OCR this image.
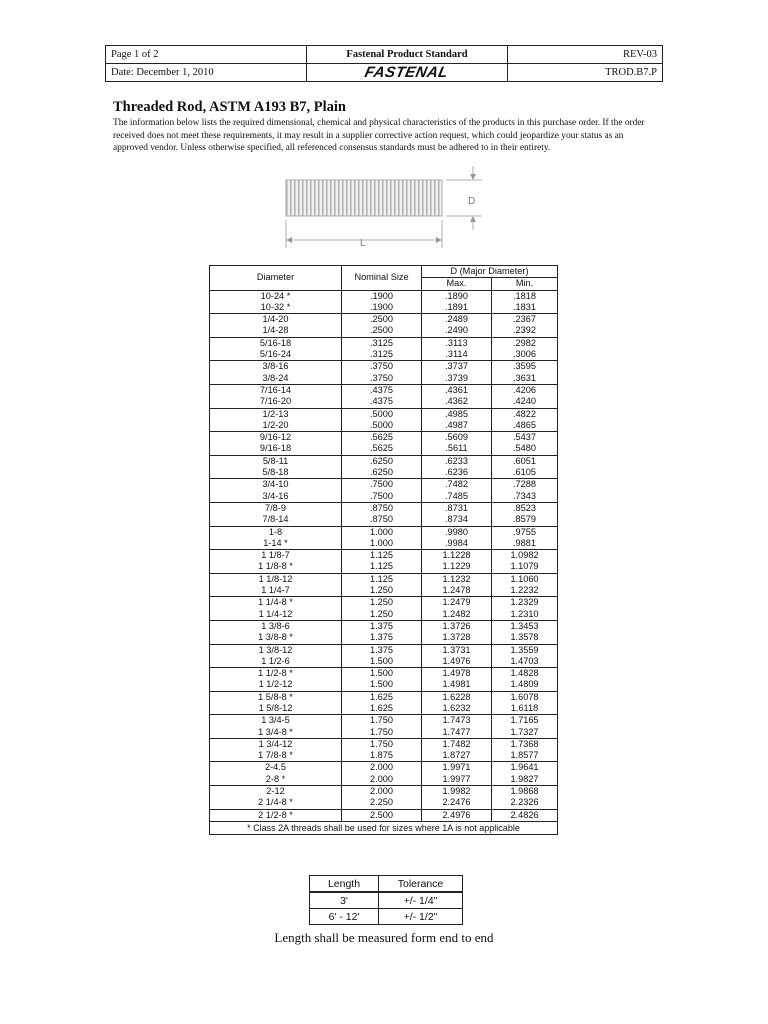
Page 1 of 2	Fastenal Product Standard	REV-03
Date: December 1, 2010	FASTENAL	TROD.B7.P
Threaded Rod, ASTM A193 B7, Plain

The information below lists the required dimensional, chemical and physical characteristics of the products in this purchase order. If the order received does not meet these requirements, it may result in a supplier corrective action request, which could jeopardize your status as an approved vendor. Unless otherwise specified, all referenced consensus standards must be adhered to in their entirety.

D
L
Diameter	Nominal Size	D (Major Diameter)	
		Max.	Min.
10-24 *	.1900	.1890	.1818
10-32 *	.1900	.1891	.1831
1/4-20	.2500	.2489	.2367
1/4-28	.2500	.2490	.2392
5/16-18	.3125	.3113	.2982
5/16-24	.3125	.3114	.3006
3/8-16	.3750	.3737	.3595
3/8-24	.3750	.3739	.3631
7/16-14	.4375	.4361	.4206
7/16-20	.4375	.4362	.4240
1/2-13	.5000	.4985	.4822
1/2-20	.5000	.4987	.4865
9/16-12	.5625	.5609	.5437
9/16-18	.5625	.5611	.5480
5/8-11	.6250	.6233	.6051
5/8-18	.6250	.6236	.6105
3/4-10	.7500	.7482	.7288
3/4-16	.7500	.7485	.7343
7/8-9	.8750	.8731	.8523
7/8-14	.8750	.8734	.8579
1-8	1.000	.9980	.9755
1-14 *	1.000	.9984	.9881
1 1/8-7	1.125	1.1228	1.0982
1 1/8-8 *	1.125	1.1229	1.1079
1 1/8-12	1.125	1.1232	1.1060
1 1/4-7	1.250	1.2478	1.2232
1 1/4-8 *	1.250	1.2479	1.2329
1 1/4-12	1.250	1.2482	1.2310
1 3/8-6	1.375	1.3726	1.3453
1 3/8-8 *	1.375	1.3728	1.3578
1 3/8-12	1.375	1.3731	1.3559
1 1/2-6	1.500	1.4976	1.4703
1 1/2-8 *	1.500	1.4978	1.4828
1 1/2-12	1.500	1.4981	1.4809
1 5/8-8 *	1.625	1.6228	1.6078
1 5/8-12	1.625	1.6232	1.6118
1 3/4-5	1.750	1.7473	1.7165
1 3/4-8 *	1.750	1.7477	1.7327
1 3/4-12	1.750	1.7482	1.7368
1 7/8-8 *	1.875	1.8727	1.8577
2-4.5	2.000	1.9971	1.9641
2-8 *	2.000	1.9977	1.9827
2-12	2.000	1.9982	1.9868
2 1/4-8 *	2.250	2.2476	2.2326
2 1/2-8 *	2.500	2.4976	2.4826
* Class 2A threads shall be used for sizes where 1A is not applicable			
Length	Tolerance
3'	+/- 1/4"
6' - 12'	+/- 1/2"

Length shall be measured form end to end
